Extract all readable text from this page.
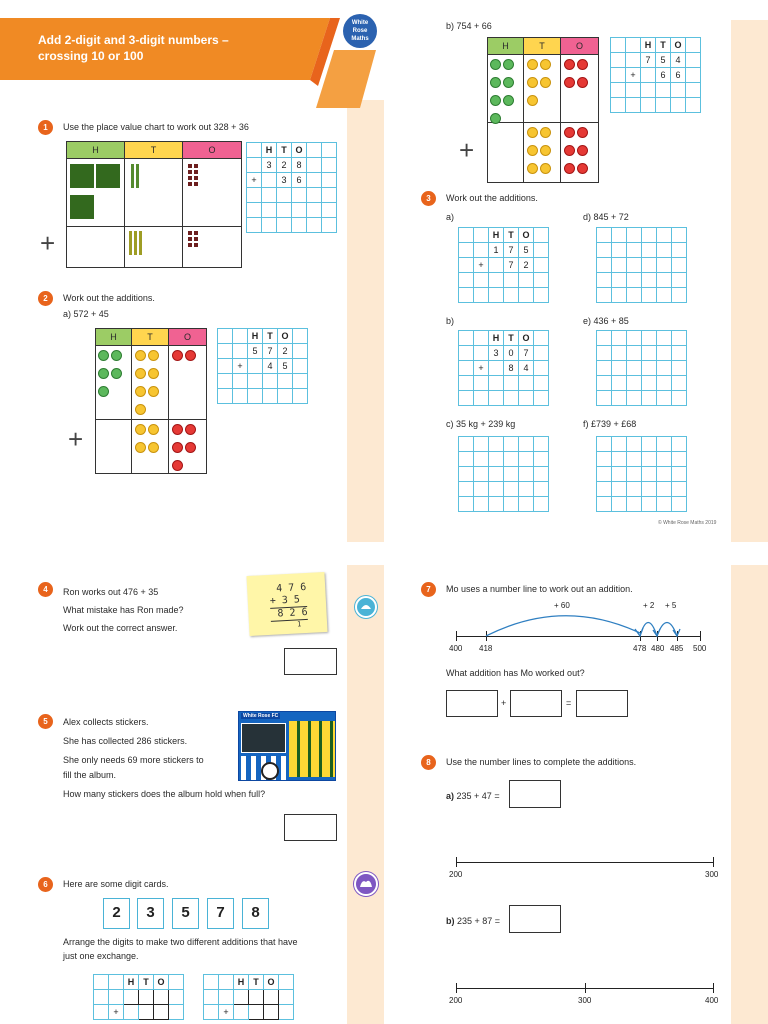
Add 2-digit and 3-digit numbers –
crossing 10 or 100
White
Rose
Maths
1	Use the place value chart to work out 328 + 36
H	T	O
+
	H	T	O		
	3	2	8		
+		3	6		

2	Work out the additions.
a) 572 + 45
H	T	O
+
		H	T	O	
		5	7	2	
	+		4	5	

b) 754 + 66
H	T	O
+
		H	T	O	
		7	5	4	
	+		6	6	

3	Work out the additions.
a)
		H	T	O	
		1	7	5	
	+		7	2	

b)
		H	T	O	
		3	0	7	
	+		8	4	

c) 35 kg + 239 kg

d) 845 + 72

e) 436 + 85

f) £739 + £68

© White Rose Maths 2019
4	Ron works out 476 + 35
What mistake has Ron made?
Work out the correct answer.
4 7 6
+ 3 5
8 2 6
1
5	Alex collects stickers.
She has collected 286 stickers.
She only needs 69 more stickers to
fill the album.
How many stickers does the album hold when full?
White Rose FC
6	Here are some digit cards.
2	3	5	7	8
Arrange the digits to make two different additions that have
just one exchange.
		H	T	O	

	+				
		H	T	O	

	+				
7	Mo uses a number line to work out an addition.
+ 60	+ 2 + 5
400 418	478 480 485 500
What addition has Mo worked out?
+	=
8	Use the number lines to complete the additions.
a) 235 + 47 =
200	300
b) 235 + 87 =
200	300	400
